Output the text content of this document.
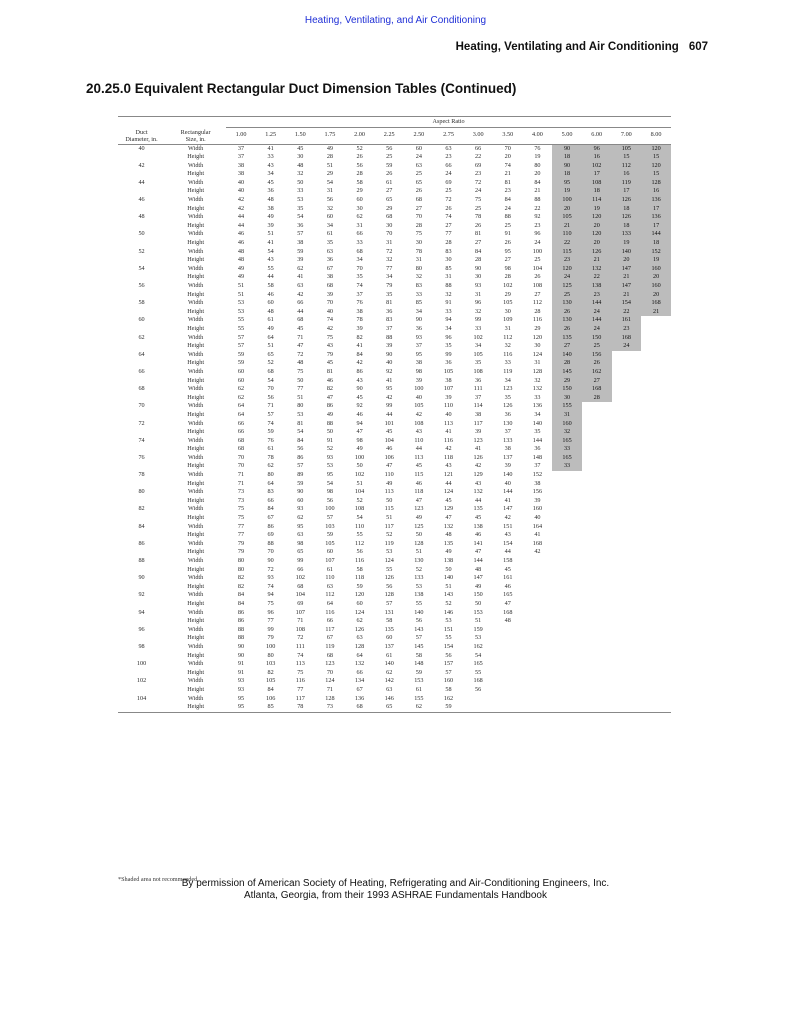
Heating, Ventilating, and Air Conditioning
Heating, Ventilating and Air Conditioning 607
20.25.0 Equivalent Rectangular Duct Dimension Tables (Continued)
		Aspect Ratio														
Duct
Diameter, in.	Rectangular
Size, in.	1.00	1.25	1.50	1.75	2.00	2.25	2.50	2.75	3.00	3.50	4.00	5.00	6.00	7.00	8.00
40	Width	37	41	45	49	52	56	60	63	66	70	76	90	96	105	120
	Height	37	33	30	28	26	25	24	23	22	20	19	18	16	15	15
42	Width	38	43	48	51	56	59	63	66	69	74	80	90	102	112	120
	Height	38	34	32	29	28	26	25	24	23	21	20	18	17	16	15
44	Width	40	45	50	54	58	61	65	69	72	81	84	95	108	119	128
	Height	40	36	33	31	29	27	26	25	24	23	21	19	18	17	16
46	Width	42	48	53	56	60	65	68	72	75	84	88	100	114	126	136
	Height	42	38	35	32	30	29	27	26	25	24	22	20	19	18	17
48	Width	44	49	54	60	62	68	70	74	78	88	92	105	120	126	136
	Height	44	39	36	34	31	30	28	27	26	25	23	21	20	18	17
50	Width	46	51	57	61	66	70	75	77	81	91	96	110	120	133	144
	Height	46	41	38	35	33	31	30	28	27	26	24	22	20	19	18
52	Width	48	54	59	63	68	72	78	83	84	95	100	115	126	140	152
	Height	48	43	39	36	34	32	31	30	28	27	25	23	21	20	19
54	Width	49	55	62	67	70	77	80	85	90	98	104	120	132	147	160
	Height	49	44	41	38	35	34	32	31	30	28	26	24	22	21	20
56	Width	51	58	63	68	74	79	83	88	93	102	108	125	138	147	160
	Height	51	46	42	39	37	35	33	32	31	29	27	25	23	21	20
58	Width	53	60	66	70	76	81	85	91	96	105	112	130	144	154	168
	Height	53	48	44	40	38	36	34	33	32	30	28	26	24	22	21
60	Width	55	61	68	74	78	83	90	94	99	109	116	130	144	161	
	Height	55	49	45	42	39	37	36	34	33	31	29	26	24	23	
62	Width	57	64	71	75	82	88	93	96	102	112	120	135	150	168	
	Height	57	51	47	43	41	39	37	35	34	32	30	27	25	24	
64	Width	59	65	72	79	84	90	95	99	105	116	124	140	156		
	Height	59	52	48	45	42	40	38	36	35	33	31	28	26		
66	Width	60	68	75	81	86	92	98	105	108	119	128	145	162		
	Height	60	54	50	46	43	41	39	38	36	34	32	29	27		
68	Width	62	70	77	82	90	95	100	107	111	123	132	150	168		
	Height	62	56	51	47	45	42	40	39	37	35	33	30	28		
70	Width	64	71	80	86	92	99	105	110	114	126	136	155			
	Height	64	57	53	49	46	44	42	40	38	36	34	31			
72	Width	66	74	81	88	94	101	108	113	117	130	140	160			
	Height	66	59	54	50	47	45	43	41	39	37	35	32			
74	Width	68	76	84	91	98	104	110	116	123	133	144	165			
	Height	68	61	56	52	49	46	44	42	41	38	36	33			
76	Width	70	78	86	93	100	106	113	118	126	137	148	165			
	Height	70	62	57	53	50	47	45	43	42	39	37	33			
78	Width	71	80	89	95	102	110	115	121	129	140	152				
	Height	71	64	59	54	51	49	46	44	43	40	38				
80	Width	73	83	90	98	104	113	118	124	132	144	156				
	Height	73	66	60	56	52	50	47	45	44	41	39				
82	Width	75	84	93	100	108	115	123	129	135	147	160				
	Height	75	67	62	57	54	51	49	47	45	42	40				
84	Width	77	86	95	103	110	117	125	132	138	151	164				
	Height	77	69	63	59	55	52	50	48	46	43	41				
86	Width	79	88	98	105	112	119	128	135	141	154	168				
	Height	79	70	65	60	56	53	51	49	47	44	42				
88	Width	80	90	99	107	116	124	130	138	144	158					
	Height	80	72	66	61	58	55	52	50	48	45					
90	Width	82	93	102	110	118	126	133	140	147	161					
	Height	82	74	68	63	59	56	53	51	49	46					
92	Width	84	94	104	112	120	128	138	143	150	165					
	Height	84	75	69	64	60	57	55	52	50	47					
94	Width	86	96	107	116	124	131	140	146	153	168					
	Height	86	77	71	66	62	58	56	53	51	48					
96	Width	88	99	108	117	126	135	143	151	159						
	Height	88	79	72	67	63	60	57	55	53						
98	Width	90	100	111	119	128	137	145	154	162						
	Height	90	80	74	68	64	61	58	56	54						
100	Width	91	103	113	123	132	140	148	157	165						
	Height	91	82	75	70	66	62	59	57	55						
102	Width	93	105	116	124	134	142	153	160	168						
	Height	93	84	77	71	67	63	61	58	56						
104	Width	95	106	117	128	136	146	155	162							
	Height	95	85	78	73	68	65	62	59							
*Shaded area not recommended.
By permission of American Society of Heating, Refrigerating and Air-Conditioning Engineers, Inc.
Atlanta, Georgia, from their 1993 ASHRAE Fundamentals Handbook
